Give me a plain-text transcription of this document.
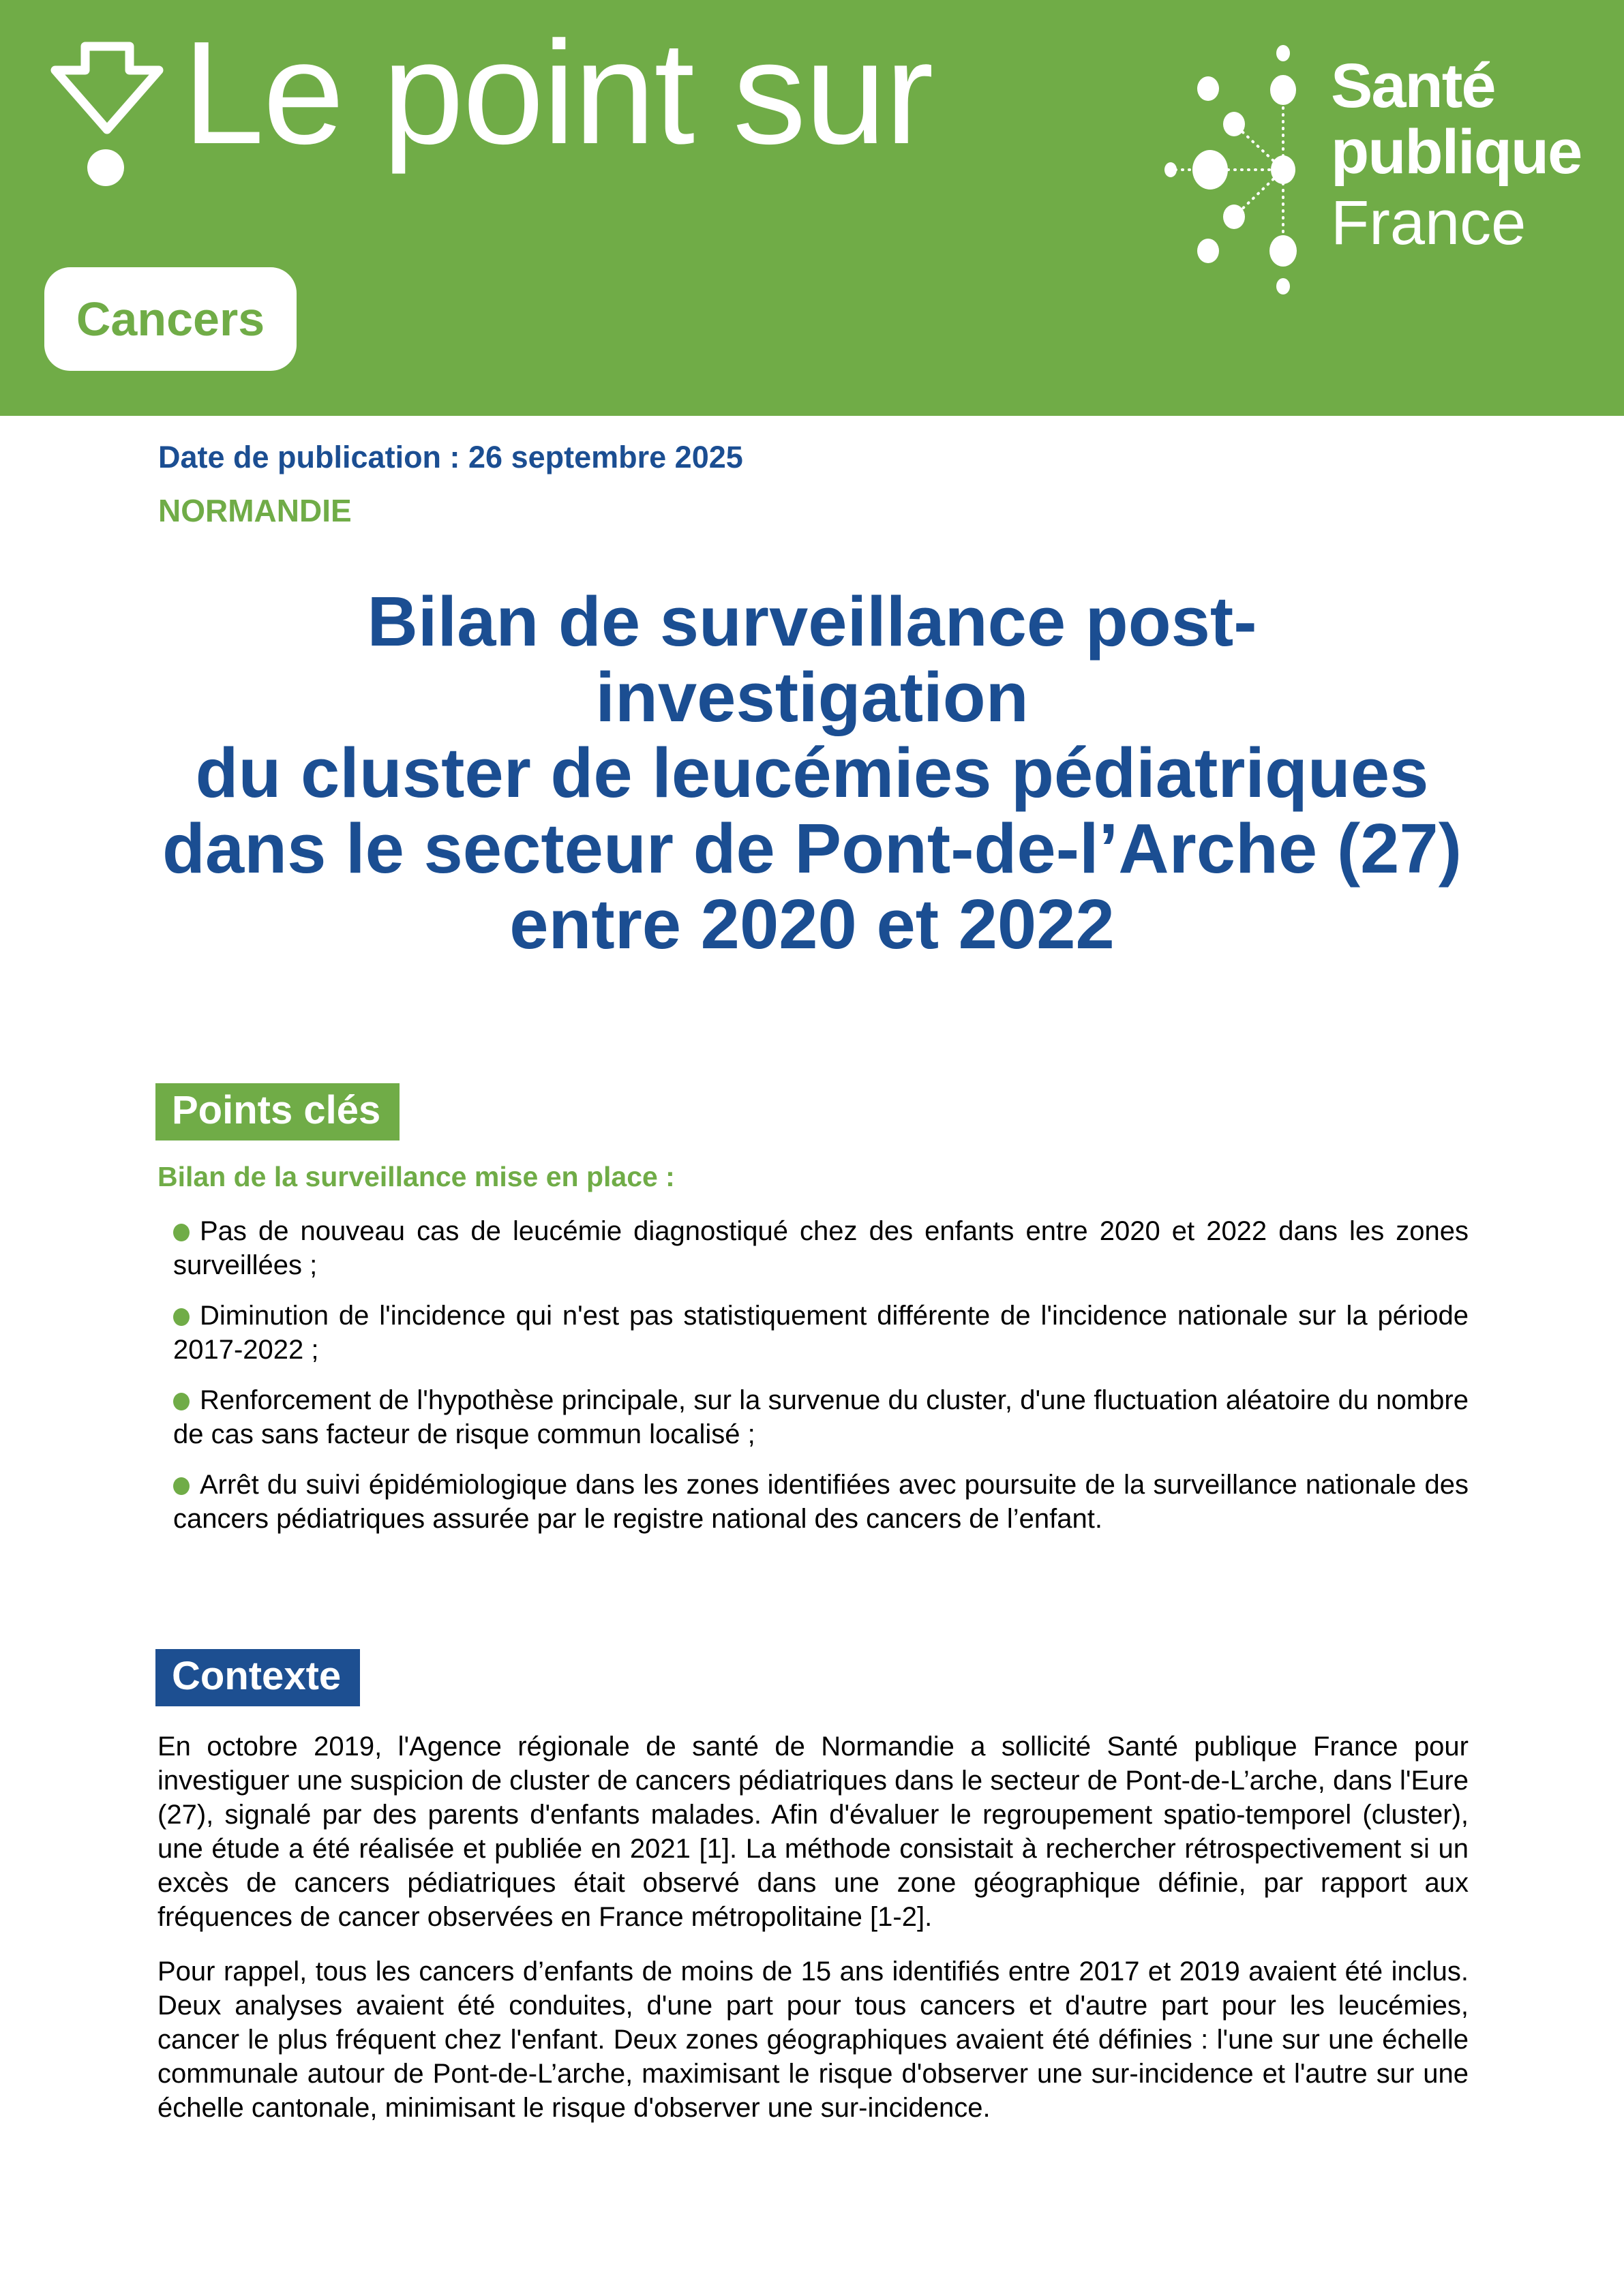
Le point sur
Cancers
Santé
publique
France
Date de publication : 26 septembre 2025
NORMANDIE
Bilan de surveillance post-investigation
du cluster de leucémies pédiatriques
dans le secteur de Pont-de-l’Arche (27)
entre 2020 et 2022
Points clés
Bilan de la surveillance mise en place :

Pas de nouveau cas de leucémie diagnostiqué chez des enfants entre 2020 et 2022 dans les zones surveillées ;

Diminution de l'incidence qui n'est pas statistiquement différente de l'incidence nationale sur la période 2017-2022 ;

Renforcement de l'hypothèse principale, sur la survenue du cluster, d'une fluctuation aléatoire du nombre de cas sans facteur de risque commun localisé ;

Arrêt du suivi épidémiologique dans les zones identifiées avec poursuite de la surveillance nationale des cancers pédiatriques assurée par le registre national des cancers de l’enfant.

Contexte

En octobre 2019, l'Agence régionale de santé de Normandie a sollicité Santé publique France pour investiguer une suspicion de cluster de cancers pédiatriques dans le secteur de Pont-de-L’arche, dans l'Eure (27), signalé par des parents d'enfants malades. Afin d'évaluer le regroupement spatio-temporel (cluster), une étude a été réalisée et publiée en 2021 [1]. La méthode consistait à rechercher rétrospectivement si un excès de cancers pédiatriques était observé dans une zone géographique définie, par rapport aux fréquences de cancer observées en France métropolitaine [1-2].

Pour rappel, tous les cancers d’enfants de moins de 15 ans identifiés entre 2017 et 2019 avaient été inclus. Deux analyses avaient été conduites, d'une part pour tous cancers et d'autre part pour les leucémies, cancer le plus fréquent chez l'enfant. Deux zones géographiques avaient été définies : l'une sur une échelle communale autour de Pont-de-L’arche, maximisant le risque d'observer une sur-incidence et l'autre sur une échelle cantonale, minimisant le risque d'observer une sur-incidence.
